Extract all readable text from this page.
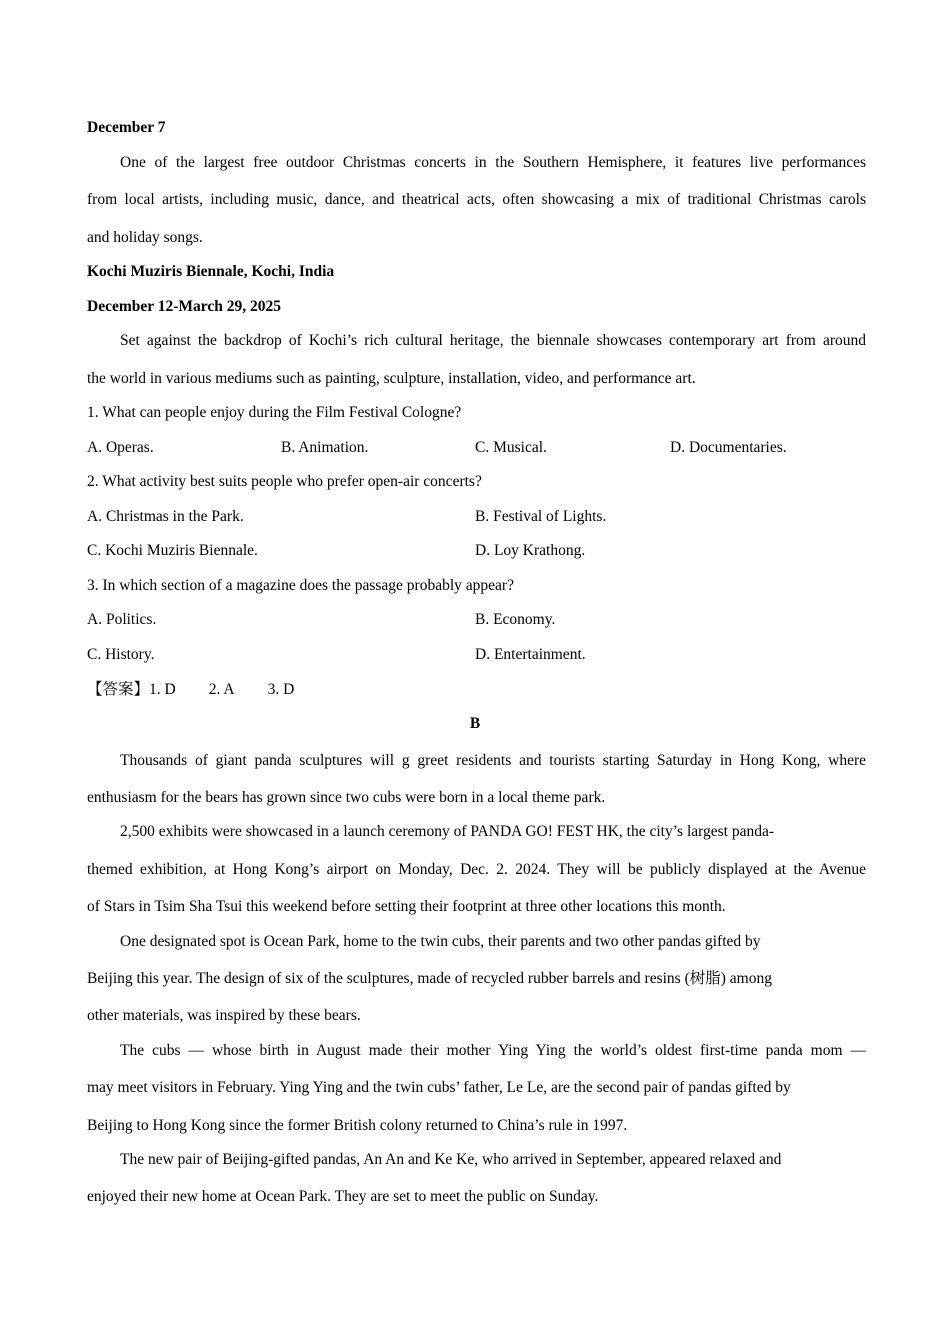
December 7
One of the largest free outdoor Christmas concerts in the Southern Hemisphere, it features live performances
from local artists, including music, dance, and theatrical acts, often showcasing a mix of traditional Christmas carols
and holiday songs.
Kochi Muziris Biennale, Kochi, India
December 12-March 29, 2025
Set against the backdrop of Kochi’s rich cultural heritage, the biennale showcases contemporary art from around
the world in various mediums such as painting, sculpture, installation, video, and performance art.
1. What can people enjoy during the Film Festival Cologne?
A. Operas.	B. Animation.	C. Musical.	D. Documentaries.
2. What activity best suits people who prefer open-air concerts?
A. Christmas in the Park.	B. Festival of Lights.
C. Kochi Muziris Biennale.	D. Loy Krathong.
3. In which section of a magazine does the passage probably appear?
A. Politics.	B. Economy.
C. History.	D. Entertainment.
【答案】1. D 2. A 3. D
B
Thousands of giant panda sculptures will g greet residents and tourists starting Saturday in Hong Kong, where
enthusiasm for the bears has grown since two cubs were born in a local theme park.
2,500 exhibits were showcased in a launch ceremony of PANDA GO! FEST HK, the city’s largest panda-
themed exhibition, at Hong Kong’s airport on Monday, Dec. 2. 2024. They will be publicly displayed at the Avenue
of Stars in Tsim Sha Tsui this weekend before setting their footprint at three other locations this month.
One designated spot is Ocean Park, home to the twin cubs, their parents and two other pandas gifted by
Beijing this year. The design of six of the sculptures, made of recycled rubber barrels and resins (树脂) among
other materials, was inspired by these bears.
The cubs — whose birth in August made their mother Ying Ying the world’s oldest first-time panda mom —
may meet visitors in February. Ying Ying and the twin cubs’ father, Le Le, are the second pair of pandas gifted by
Beijing to Hong Kong since the former British colony returned to China’s rule in 1997.
The new pair of Beijing-gifted pandas, An An and Ke Ke, who arrived in September, appeared relaxed and
enjoyed their new home at Ocean Park. They are set to meet the public on Sunday.
